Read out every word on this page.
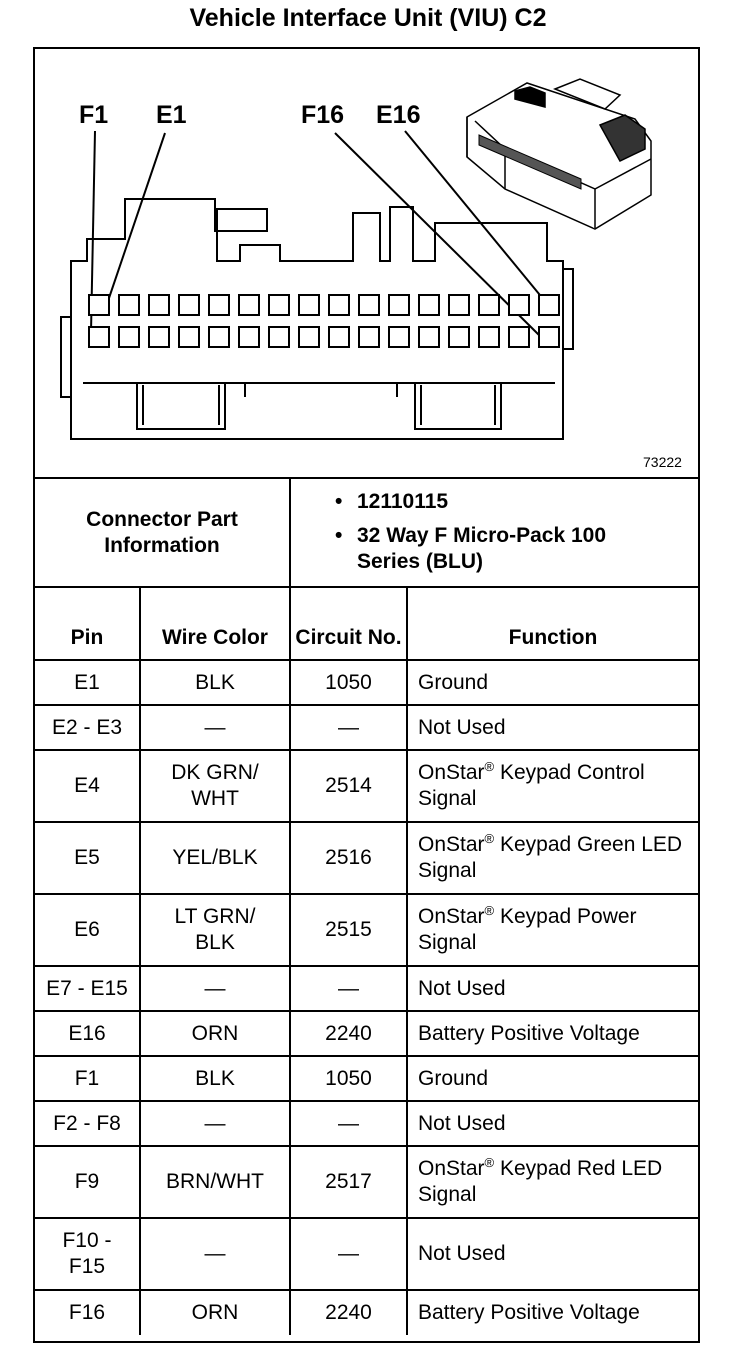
Vehicle Interface Unit (VIU) C2
F1 E1	F16 E16
73222
Connector Part Information
• 12110115
• 32 Way F Micro-Pack 100 Series (BLU)
Pin	Wire Color	Circuit No.	Function
E1	BLK	1050	Ground
E2 - E3	—	—	Not Used
E4	DK GRN/
WHT	2514	OnStar® Keypad Control Signal
E5	YEL/BLK	2516	OnStar® Keypad Green LED Signal
E6	LT GRN/
BLK	2515	OnStar® Keypad Power Signal
E7 - E15	—	—	Not Used
E16	ORN	2240	Battery Positive Voltage
F1	BLK	1050	Ground
F2 - F8	—	—	Not Used
F9	BRN/WHT	2517	OnStar® Keypad Red LED Signal
F10 -
F15	—	—	Not Used
F16	ORN	2240	Battery Positive Voltage
